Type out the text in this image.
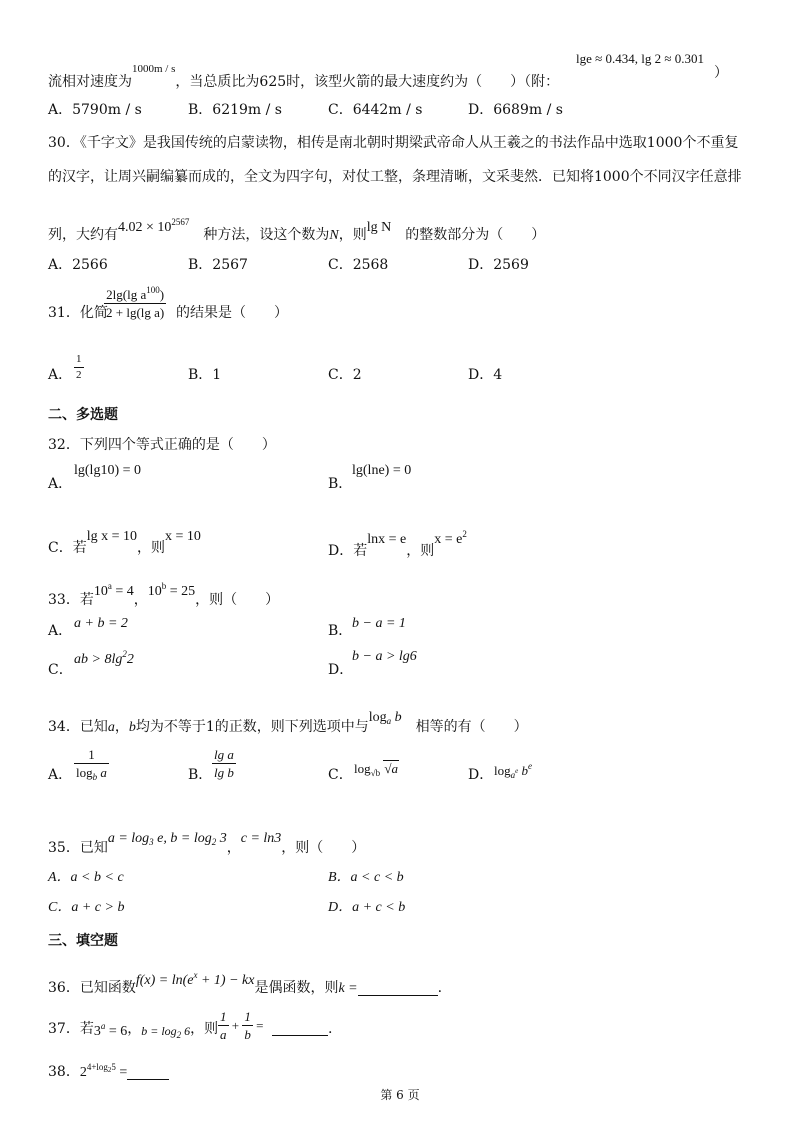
流相对速度为$^{1000m / s}$，当总质比为625时，该型火箭的最大速度约为（　　）（附：
lge ≈ 0.434, lg 2 ≈ 0.301
）
A．5790m / s	B．6219m / s	C．6442m / s	D．6689m / s
30．《千字文》是我国传统的启蒙读物，相传是南北朝时期梁武帝命人从王羲之的书法作品中选取1000个不重复
的汉字，让周兴嗣编纂而成的，全文为四字句，对仗工整，条理清晰，文采斐然．已知将1000个不同汉字任意排
列，大约有$4.02 \times 10^{2567}$　种方法，设这个数为N，则lg N　 的整数部分为（　　）
A．2566	B．2567	C．2568	D．2569
31．化简
$\frac{2\lg(\lg a^{100})}{\text{2 + lg(lg a)}}$ 的结果是（　　）
A． $\frac{1}{2}$	B．1	C．2	D．4
二、多选题
32．下列四个等式正确的是（　　）
A．
lg(lg10) = 0
B．
lg(lne) = 0
C．若lg x = 10，则x = 10
D．若lnx = e，则$x = e^2$
33．若$10^a = 4$，$10^b = 25$，则（　　）
A． a + b = 2	B． b − a = 1
C．
ab > $8\lg^22$
D．
b − a > lg6
34．已知a，b均为不等于1的正数，则下列选项中与$\log_a b$　相等的有（　　）
A． $\frac{1}{\log_b a}$	B． $\frac{\text{lg a}}{\text{lg b}}$	C． $\log_{√b} √a$	D． $\log_{a^e} b^e$
35．已知$a = \log_3 e$, $b = \log_2 3$，c = ln3，则（　　）
A．a < b < c	B．a < c < b
C．a + c > b	D．a + c < b
三、填空题
36．已知函数$f(x) = \ln(e^x + 1)$ − kx是偶函数，则k =	.
37．若$3^a = 6$，$b = \log_2 6$，则 $\frac{1}{a} + \frac{1}{b}$ =	.
38．$2^{4+log_25}$ =
第 6 页
